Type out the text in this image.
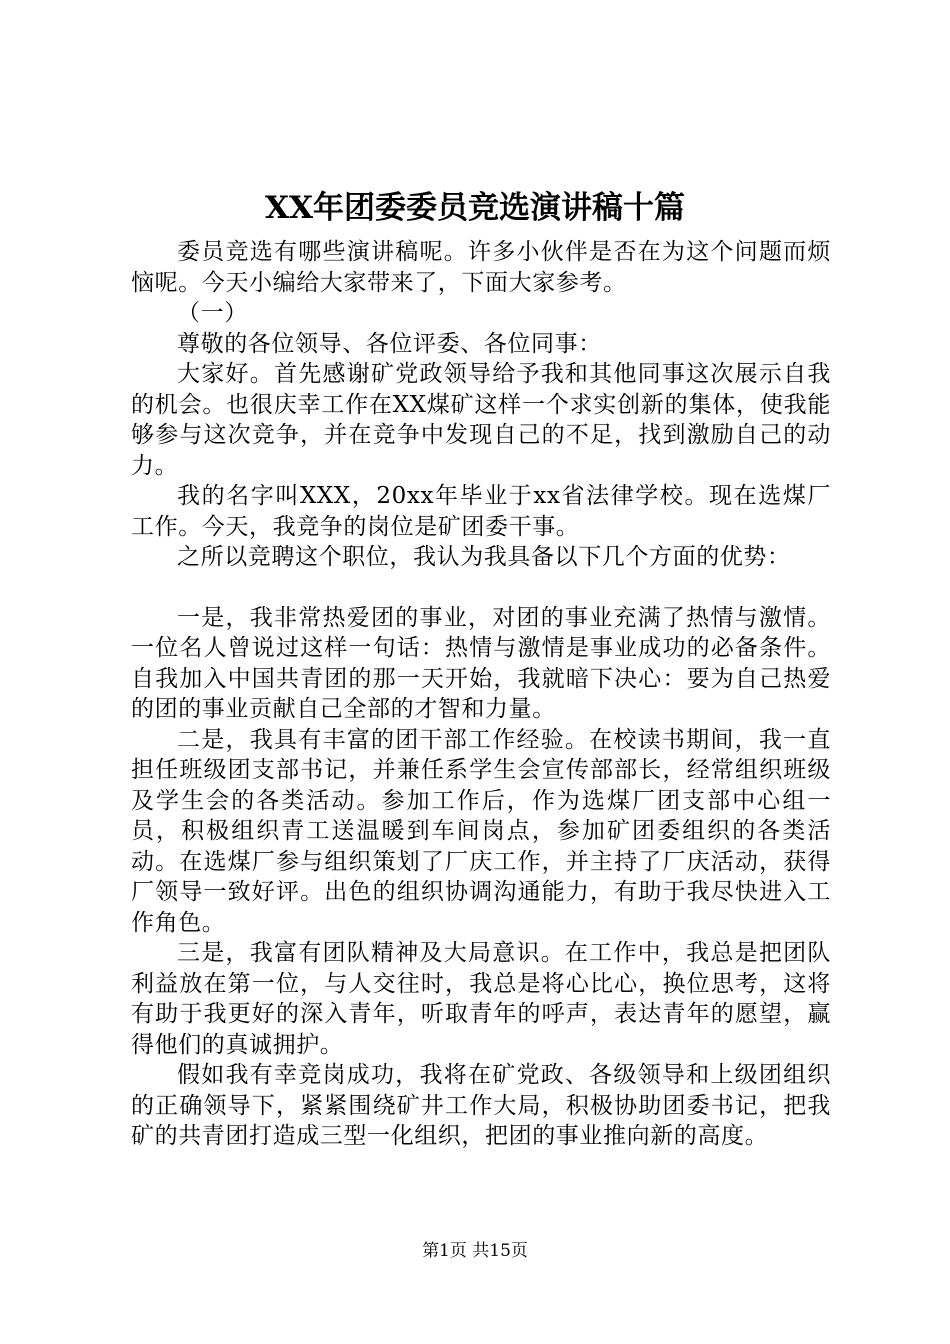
XX年团委委员竞选演讲稿十篇

委员竞选有哪些演讲稿呢。许多小伙伴是否在为这个问题而烦恼呢。今天小编给大家带来了，下面大家参考。

（一）

尊敬的各位领导、各位评委、各位同事：

大家好。首先感谢矿党政领导给予我和其他同事这次展示自我的机会。也很庆幸工作在XX煤矿这样一个求实创新的集体，使我能够参与这次竞争，并在竞争中发现自己的不足，找到激励自己的动力。

我的名字叫XXX，20xx年毕业于xx省法律学校。现在选煤厂工作。今天，我竞争的岗位是矿团委干事。

之所以竞聘这个职位，我认为我具备以下几个方面的优势：

一是，我非常热爱团的事业，对团的事业充满了热情与激情。一位名人曾说过这样一句话：热情与激情是事业成功的必备条件。自我加入中国共青团的那一天开始，我就暗下决心：要为自己热爱的团的事业贡献自己全部的才智和力量。

二是，我具有丰富的团干部工作经验。在校读书期间，我一直担任班级团支部书记，并兼任系学生会宣传部部长，经常组织班级及学生会的各类活动。参加工作后，作为选煤厂团支部中心组一员，积极组织青工送温暖到车间岗点，参加矿团委组织的各类活动。在选煤厂参与组织策划了厂庆工作，并主持了厂庆活动，获得厂领导一致好评。出色的组织协调沟通能力，有助于我尽快进入工作角色。

三是，我富有团队精神及大局意识。在工作中，我总是把团队利益放在第一位，与人交往时，我总是将心比心，换位思考，这将有助于我更好的深入青年，听取青年的呼声，表达青年的愿望，赢得他们的真诚拥护。

假如我有幸竞岗成功，我将在矿党政、各级领导和上级团组织的正确领导下，紧紧围绕矿井工作大局，积极协助团委书记，把我矿的共青团打造成三型一化组织，把团的事业推向新的高度。

第1页 共15页
